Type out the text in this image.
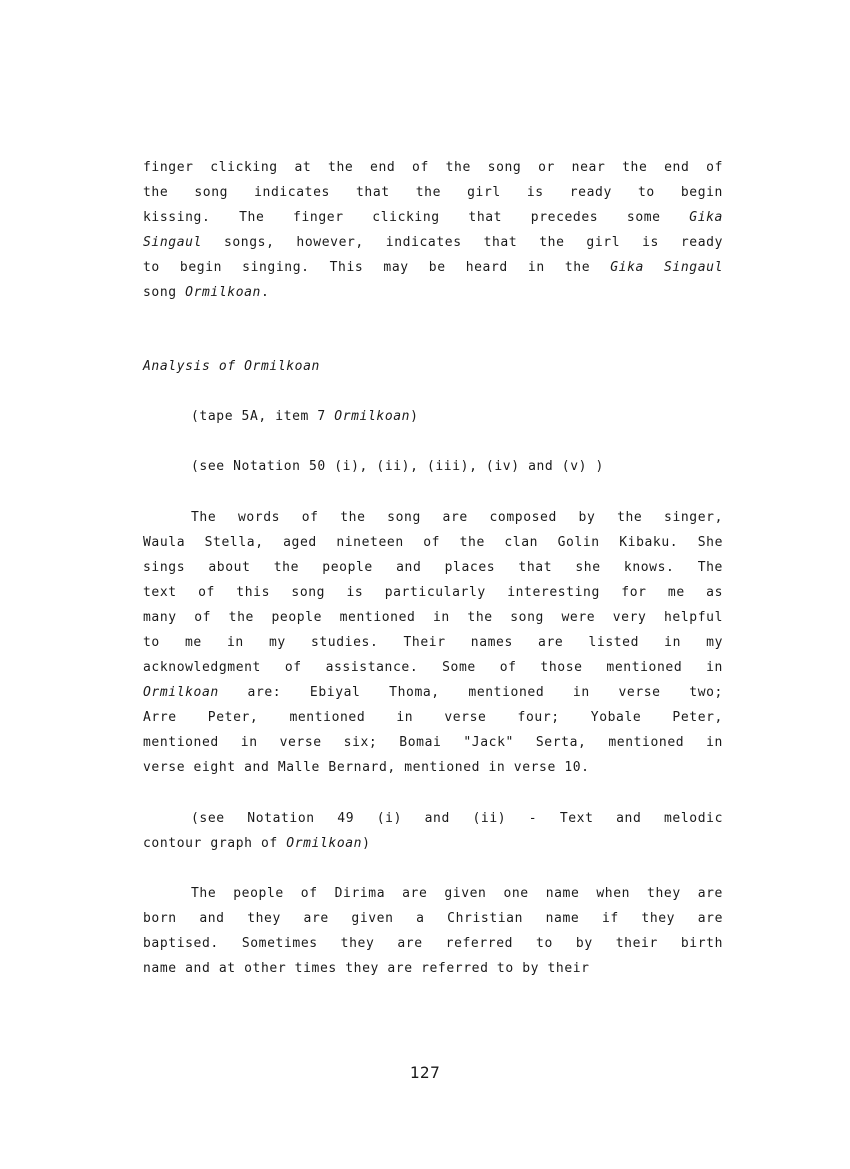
finger clicking at the end of the song or near the end of
the song indicates that the girl is ready to begin
kissing. The finger clicking that precedes some Gika
Singaul songs, however, indicates that the girl is ready
to begin singing. This may be heard in the Gika Singaul
song Ormilkoan.
Analysis of Ormilkoan
(tape 5A, item 7 Ormilkoan)
(see Notation 50 (i), (ii), (iii), (iv) and (v) )
The words of the song are composed by the singer,
Waula Stella, aged nineteen of the clan Golin Kibaku. She
sings about the people and places that she knows. The
text of this song is particularly interesting for me as
many of the people mentioned in the song were very helpful
to me in my studies. Their names are listed in my
acknowledgment of assistance. Some of those mentioned in
Ormilkoan are: Ebiyal Thoma, mentioned in verse two;
Arre Peter, mentioned in verse four; Yobale Peter,
mentioned in verse six; Bomai "Jack" Serta, mentioned in
verse eight and Malle Bernard, mentioned in verse 10.
(see Notation 49 (i) and (ii) - Text and melodic
contour graph of Ormilkoan)
The people of Dirima are given one name when they are
born and they are given a Christian name if they are
baptised. Sometimes they are referred to by their birth
name and at other times they are referred to by their
127
